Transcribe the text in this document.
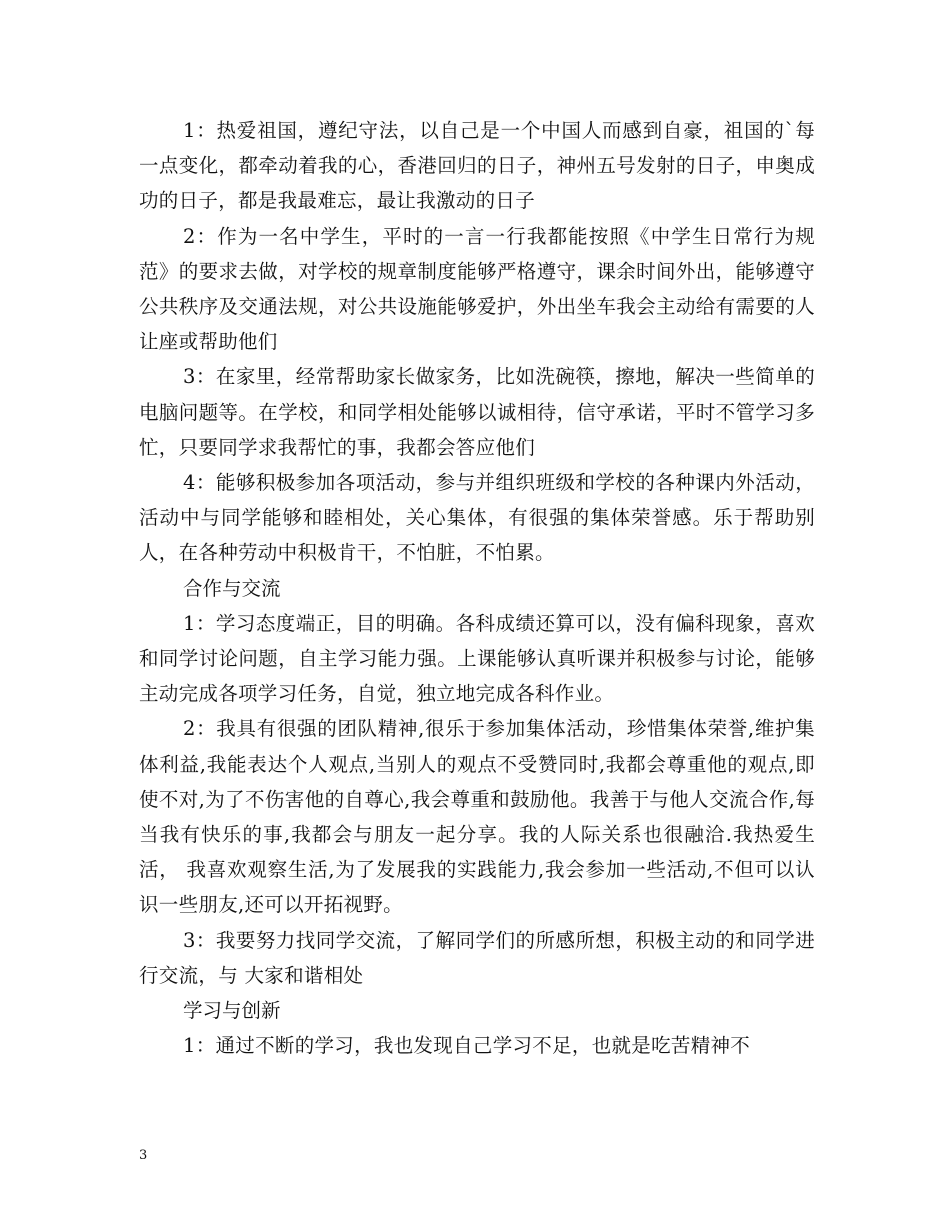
1：热爱祖国，遵纪守法，以自己是一个中国人而感到自豪，祖国的`每一点变化，都牵动着我的心，香港回归的日子，神州五号发射的日子，申奥成功的日子，都是我最难忘，最让我激动的日子

2：作为一名中学生，平时的一言一行我都能按照《中学生日常行为规范》的要求去做，对学校的规章制度能够严格遵守，课余时间外出，能够遵守公共秩序及交通法规，对公共设施能够爱护，外出坐车我会主动给有需要的人让座或帮助他们

3：在家里，经常帮助家长做家务，比如洗碗筷，擦地，解决一些简单的电脑问题等。在学校，和同学相处能够以诚相待，信守承诺，平时不管学习多忙，只要同学求我帮忙的事，我都会答应他们

4：能够积极参加各项活动，参与并组织班级和学校的各种课内外活动，活动中与同学能够和睦相处，关心集体，有很强的集体荣誉感。乐于帮助别人，在各种劳动中积极肯干，不怕脏，不怕累。

合作与交流

1：学习态度端正，目的明确。各科成绩还算可以，没有偏科现象，喜欢和同学讨论问题，自主学习能力强。上课能够认真听课并积极参与讨论，能够主动完成各项学习任务，自觉，独立地完成各科作业。

2：我具有很强的团队精神,很乐于参加集体活动，珍惜集体荣誉,维护集体利益,我能表达个人观点,当别人的观点不受赞同时,我都会尊重他的观点,即使不对,为了不伤害他的自尊心,我会尊重和鼓励他。我善于与他人交流合作,每当我有快乐的事,我都会与朋友一起分享。我的人际关系也很融洽.我热爱生活， 我喜欢观察生活,为了发展我的实践能力,我会参加一些活动,不但可以认识一些朋友,还可以开拓视野。

3：我要努力找同学交流，了解同学们的所感所想，积极主动的和同学进行交流，与 大家和谐相处

学习与创新

1：通过不断的学习，我也发现自己学习不足，也就是吃苦精神不

3
